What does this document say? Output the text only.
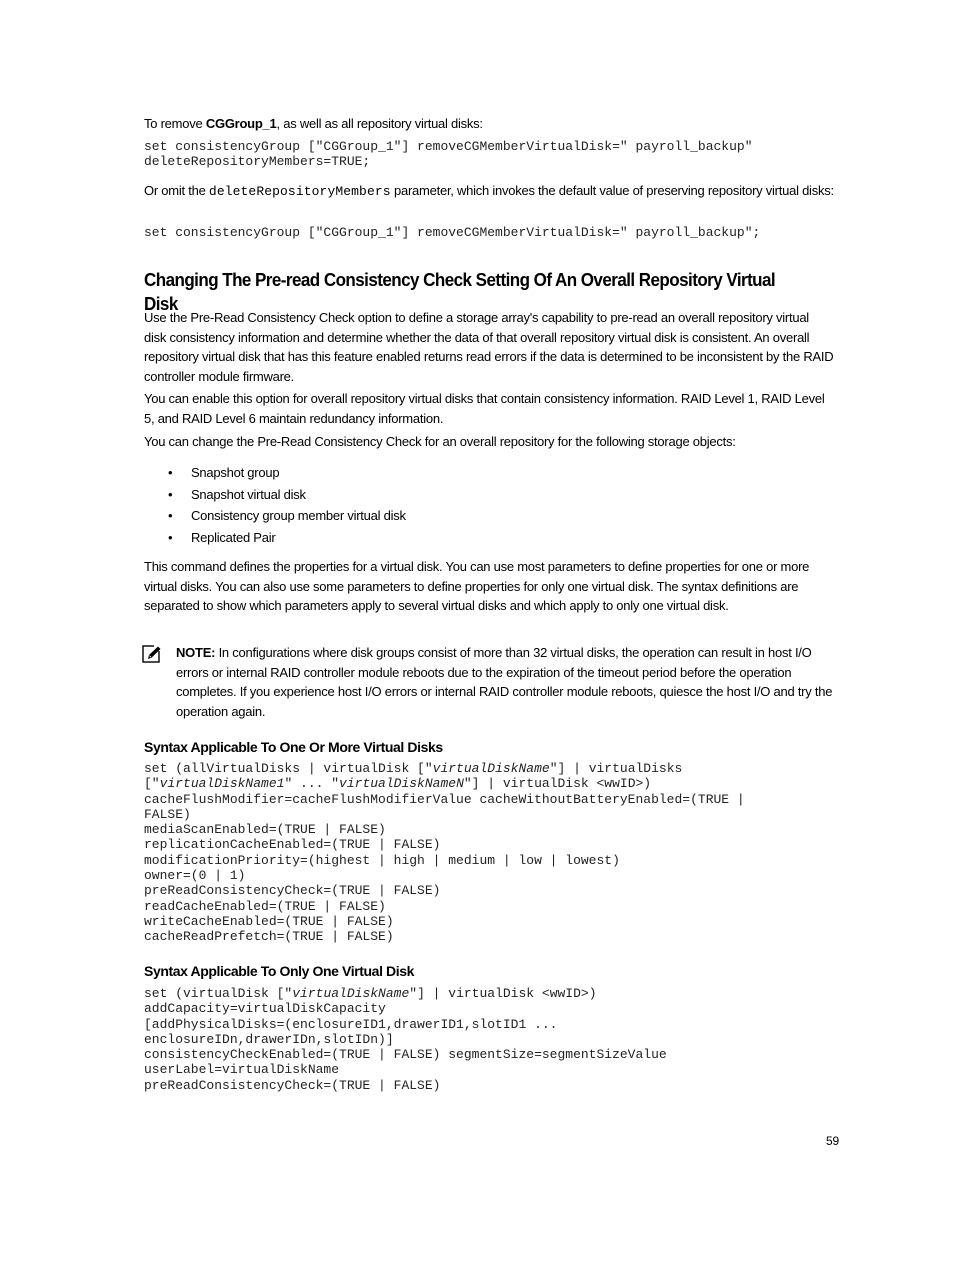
To remove CGGroup_1, as well as all repository virtual disks:

set consistencyGroup ["CGGroup_1"] removeCGMemberVirtualDisk=" payroll_backup"
deleteRepositoryMembers=TRUE;

Or omit the deleteRepositoryMembers parameter, which invokes the default value of preserving repository virtual disks:

set consistencyGroup ["CGGroup_1"] removeCGMemberVirtualDisk=" payroll_backup";
Changing The Pre-read Consistency Check Setting Of An Overall Repository Virtual Disk

Use the Pre-Read Consistency Check option to define a storage array's capability to pre-read an overall repository virtual disk consistency information and determine whether the data of that overall repository virtual disk is consistent. An overall repository virtual disk that has this feature enabled returns read errors if the data is determined to be inconsistent by the RAID controller module firmware.

You can enable this option for overall repository virtual disks that contain consistency information. RAID Level 1, RAID Level 5, and RAID Level 6 maintain redundancy information.

You can change the Pre-Read Consistency Check for an overall repository for the following storage objects:

• Snapshot group
• Snapshot virtual disk
• Consistency group member virtual disk
• Replicated Pair

This command defines the properties for a virtual disk. You can use most parameters to define properties for one or more virtual disks. You can also use some parameters to define properties for only one virtual disk. The syntax definitions are separated to show which parameters apply to several virtual disks and which apply to only one virtual disk.

NOTE: In configurations where disk groups consist of more than 32 virtual disks, the operation can result in host I/O errors or internal RAID controller module reboots due to the expiration of the timeout period before the operation completes. If you experience host I/O errors or internal RAID controller module reboots, quiesce the host I/O and try the operation again.

Syntax Applicable To One Or More Virtual Disks
set (allVirtualDisks | virtualDisk ["virtualDiskName"] | virtualDisks
["virtualDiskName1" ... "virtualDiskNameN"] | virtualDisk <wwID>)
cacheFlushModifier=cacheFlushModifierValue cacheWithoutBatteryEnabled=(TRUE |
FALSE)
mediaScanEnabled=(TRUE | FALSE)
replicationCacheEnabled=(TRUE | FALSE)
modificationPriority=(highest | high | medium | low | lowest)
owner=(0 | 1)
preReadConsistencyCheck=(TRUE | FALSE)
readCacheEnabled=(TRUE | FALSE)
writeCacheEnabled=(TRUE | FALSE)
cacheReadPrefetch=(TRUE | FALSE)
Syntax Applicable To Only One Virtual Disk
set (virtualDisk ["virtualDiskName"] | virtualDisk <wwID>)
addCapacity=virtualDiskCapacity
[addPhysicalDisks=(enclosureID1,drawerID1,slotID1 ...
enclosureIDn,drawerIDn,slotIDn)]
consistencyCheckEnabled=(TRUE | FALSE) segmentSize=segmentSizeValue
userLabel=virtualDiskName
preReadConsistencyCheck=(TRUE | FALSE)
59
